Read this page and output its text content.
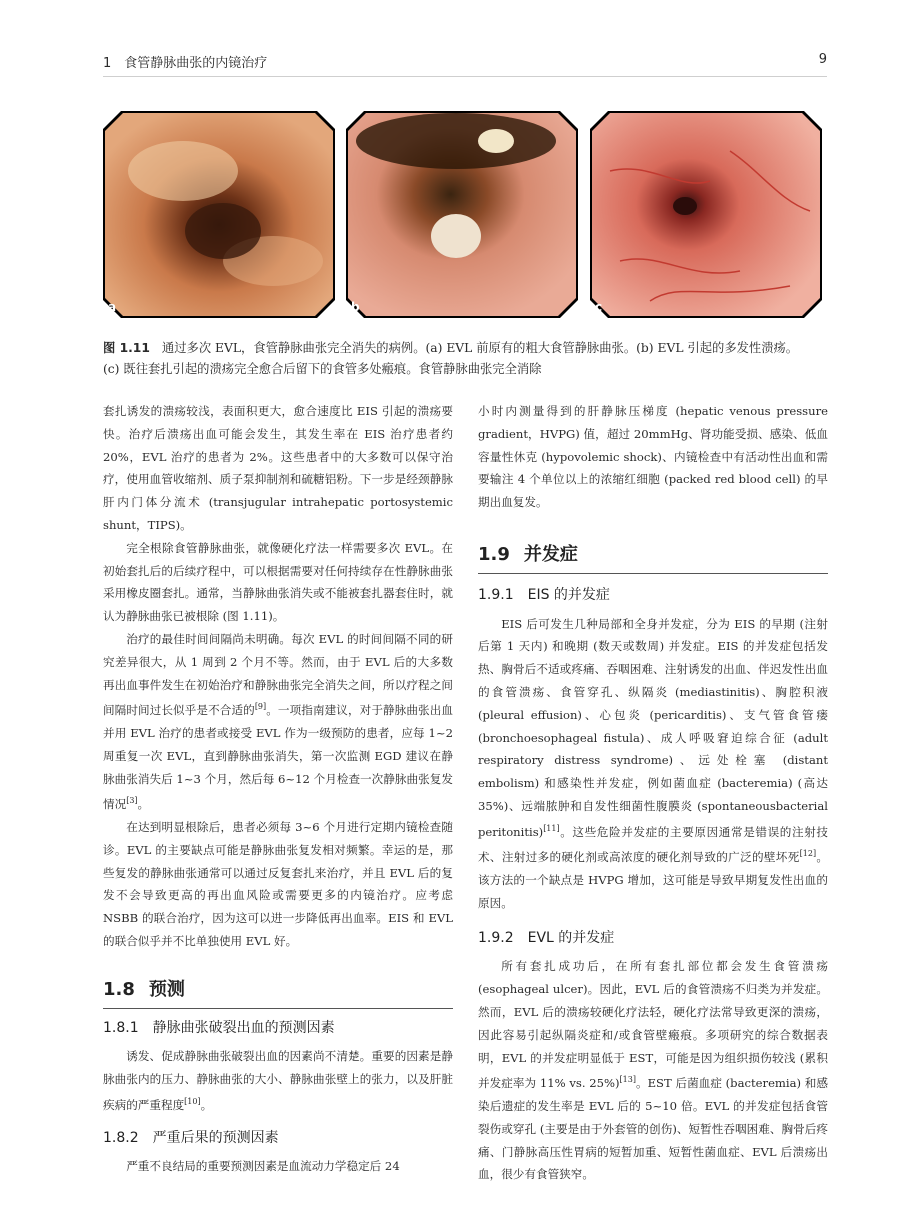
1　食管静脉曲张的内镜治疗	9
a	b	c
图 1.11 通过多次 EVL，食管静脉曲张完全消失的病例。(a) EVL 前原有的粗大食管静脉曲张。(b) EVL 引起的多发性溃疡。
(c) 既往套扎引起的溃疡完全愈合后留下的食管多处瘢痕。食管静脉曲张完全消除

套扎诱发的溃疡较浅，表面积更大，愈合速度比 EIS 引起的溃疡要快。治疗后溃疡出血可能会发生，其发生率在 EIS 治疗患者约 20%，EVL 治疗的患者为 2%。这些患者中的大多数可以保守治疗，使用血管收缩剂、质子泵抑制剂和硫糖铝粉。下一步是经颈静脉肝内门体分流术 (transjugular intrahepatic portosystemic shunt，TIPS)。

完全根除食管静脉曲张，就像硬化疗法一样需要多次 EVL。在初始套扎后的后续疗程中，可以根据需要对任何持续存在性静脉曲张采用橡皮圈套扎。通常，当静脉曲张消失或不能被套扎器套住时，就认为静脉曲张已被根除 (图 1.11)。

治疗的最佳时间间隔尚未明确。每次 EVL 的时间间隔不同的研究差异很大，从 1 周到 2 个月不等。然而，由于 EVL 后的大多数再出血事件发生在初始治疗和静脉曲张完全消失之间，所以疗程之间间隔时间过长似乎是不合适的[9]。一项指南建议，对于静脉曲张出血并用 EVL 治疗的患者或接受 EVL 作为一级预防的患者，应每 1~2 周重复一次 EVL，直到静脉曲张消失，第一次监测 EGD 建议在静脉曲张消失后 1~3 个月，然后每 6~12 个月检查一次静脉曲张复发情况[3]。

在达到明显根除后，患者必须每 3~6 个月进行定期内镜检查随诊。EVL 的主要缺点可能是静脉曲张复发相对频繁。幸运的是，那些复发的静脉曲张通常可以通过反复套扎来治疗，并且 EVL 后的复发不会导致更高的再出血风险或需要更多的内镜治疗。应考虑 NSBB 的联合治疗，因为这可以进一步降低再出血率。EIS 和 EVL 的联合似乎并不比单独使用 EVL 好。

1.8 预测
1.8.1 静脉曲张破裂出血的预测因素

诱发、促成静脉曲张破裂出血的因素尚不清楚。重要的因素是静脉曲张内的压力、静脉曲张的大小、静脉曲张壁上的张力，以及肝脏疾病的严重程度[10]。

1.8.2 严重后果的预测因素

严重不良结局的重要预测因素是血流动力学稳定后 24

小时内测量得到的肝静脉压梯度 (hepatic venous pressure gradient，HVPG) 值，超过 20mmHg、肾功能受损、感染、低血容量性休克 (hypovolemic shock)、内镜检查中有活动性出血和需要输注 4 个单位以上的浓缩红细胞 (packed red blood cell) 的早期出血复发。

1.9 并发症
1.9.1 EIS 的并发症

EIS 后可发生几种局部和全身并发症，分为 EIS 的早期 (注射后第 1 天内) 和晚期 (数天或数周) 并发症。EIS 的并发症包括发热、胸骨后不适或疼痛、吞咽困难、注射诱发的出血、伴迟发性出血的食管溃疡、食管穿孔、纵隔炎 (mediastinitis)、胸腔积液 (pleural effusion)、心包炎 (pericarditis)、支气管食管瘘 (bronchoesophageal fistula)、成人呼吸窘迫综合征 (adult respiratory distress syndrome)、远处栓塞 (distant embolism) 和感染性并发症，例如菌血症 (bacteremia) (高达 35%)、远端脓肿和自发性细菌性腹膜炎 (spontaneousbacterial peritonitis)[11]。这些危险并发症的主要原因通常是错误的注射技术、注射过多的硬化剂或高浓度的硬化剂导致的广泛的壁坏死[12]。该方法的一个缺点是 HVPG 增加，这可能是导致早期复发性出血的原因。

1.9.2 EVL 的并发症

所有套扎成功后，在所有套扎部位都会发生食管溃疡 (esophageal ulcer)。因此，EVL 后的食管溃疡不归类为并发症。然而，EVL 后的溃疡较硬化疗法轻，硬化疗法常导致更深的溃疡，因此容易引起纵隔炎症和/或食管壁瘢痕。多项研究的综合数据表明，EVL 的并发症明显低于 EST，可能是因为组织损伤较浅 (累积并发症率为 11% vs. 25%)[13]。EST 后菌血症 (bacteremia) 和感染后遗症的发生率是 EVL 后的 5~10 倍。EVL 的并发症包括食管裂伤或穿孔 (主要是由于外套管的创伤)、短暂性吞咽困难、胸骨后疼痛、门静脉高压性胃病的短暂加重、短暂性菌血症、EVL 后溃疡出血，很少有食管狭窄。
